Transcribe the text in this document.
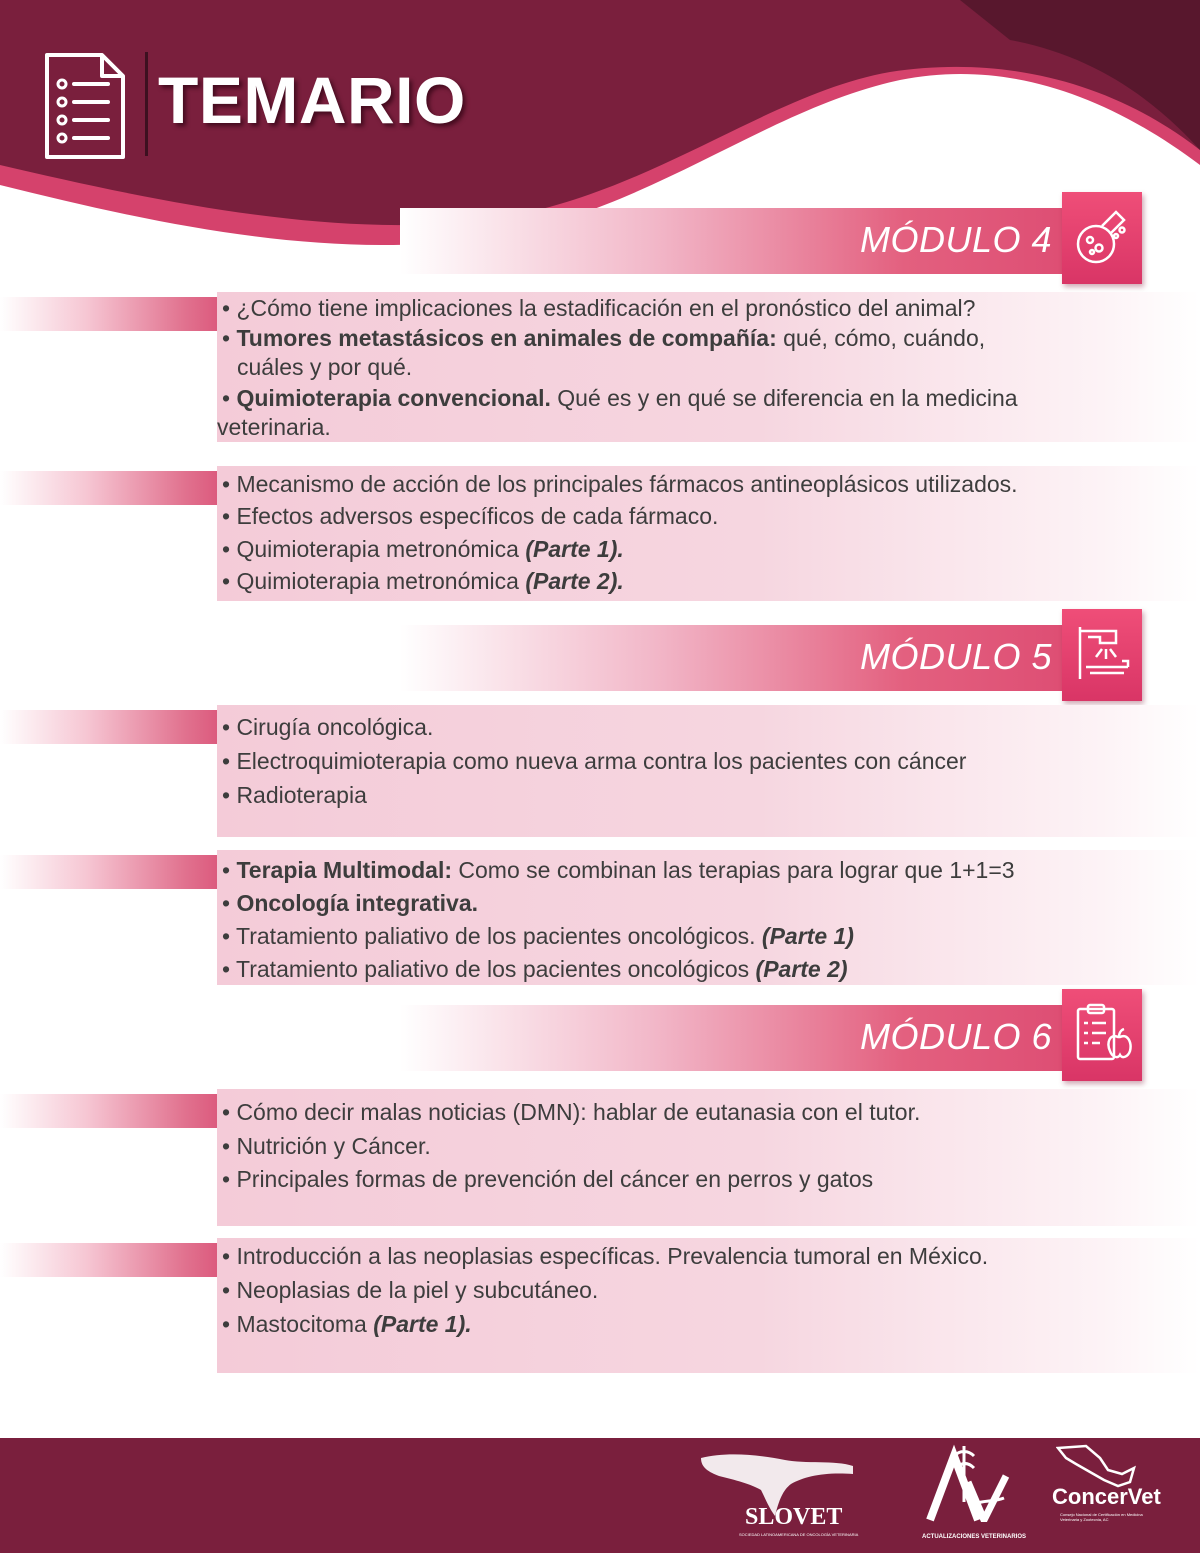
TEMARIO
MÓDULO 4
• ¿Cómo tiene implicaciones la estadificación en el pronóstico del animal?
• Tumores metastásicos en animales de compañía: qué, cómo, cuándo,
cuáles y por qué.
• Quimioterapia convencional. Qué es y en qué se diferencia en la medicina
veterinaria.
• Mecanismo de acción de los principales fármacos antineoplásicos utilizados.
• Efectos adversos específicos de cada fármaco.
• Quimioterapia metronómica (Parte 1).
• Quimioterapia metronómica (Parte 2).
MÓDULO 5
• Cirugía oncológica.
• Electroquimioterapia como nueva arma contra los pacientes con cáncer
• Radioterapia
• Terapia Multimodal: Como se combinan las terapias para lograr que 1+1=3
• Oncología integrativa.
• Tratamiento paliativo de los pacientes oncológicos. (Parte 1)
• Tratamiento paliativo de los pacientes oncológicos (Parte 2)
MÓDULO 6
• Cómo decir malas noticias (DMN): hablar de eutanasia con el tutor.
• Nutrición y Cáncer.
• Principales formas de prevención del cáncer en perros y gatos
• Introducción a las neoplasias específicas. Prevalencia tumoral en México.
• Neoplasias de la piel y subcutáneo.
• Mastocitoma (Parte 1).
SLOVET
SOCIEDAD LATINOAMERICANA DE ONCOLOGÍA VETERINARIA	ACTUALIZACIONES VETERINARIOS
ConcerVet
Consejo Nacional de Certificación en Medicina Veterinaria y Zootecnia, AC
